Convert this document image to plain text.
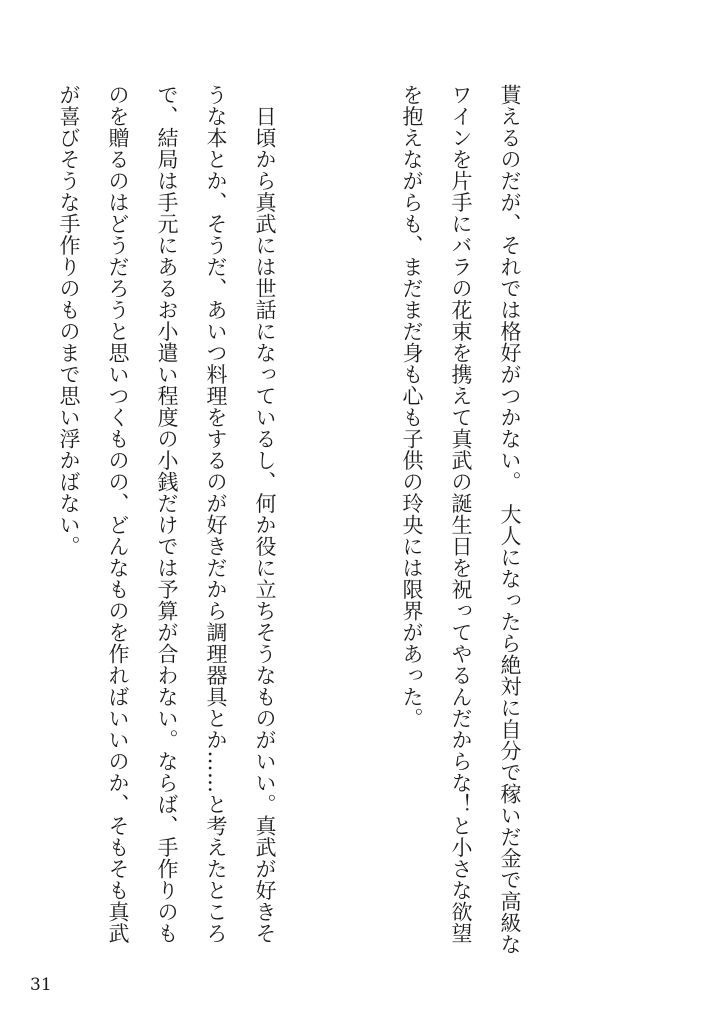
貰えるのだが、それでは格好がつかない。　大人になったら絶対に自分で稼いだ金で高級なワインを片手にバラの花束を携えて真武の誕生日を祝ってやるんだからな！と小さな欲望を抱えながらも、まだまだ身も心も子供の玲央には限界があった。

　日頃から真武には世話になっているし、何か役に立ちそうなものがいい。真武が好きそうな本とか、そうだ、あいつ料理をするのが好きだから調理器具とか……と考えたところで、結局は手元にあるお小遣い程度の小銭だけでは予算が合わない。ならば、手作りのものを贈るのはどうだろうと思いつくものの、どんなものを作ればいいのか、そもそも真武が喜びそうな手作りのものまで思い浮かばない。

31
